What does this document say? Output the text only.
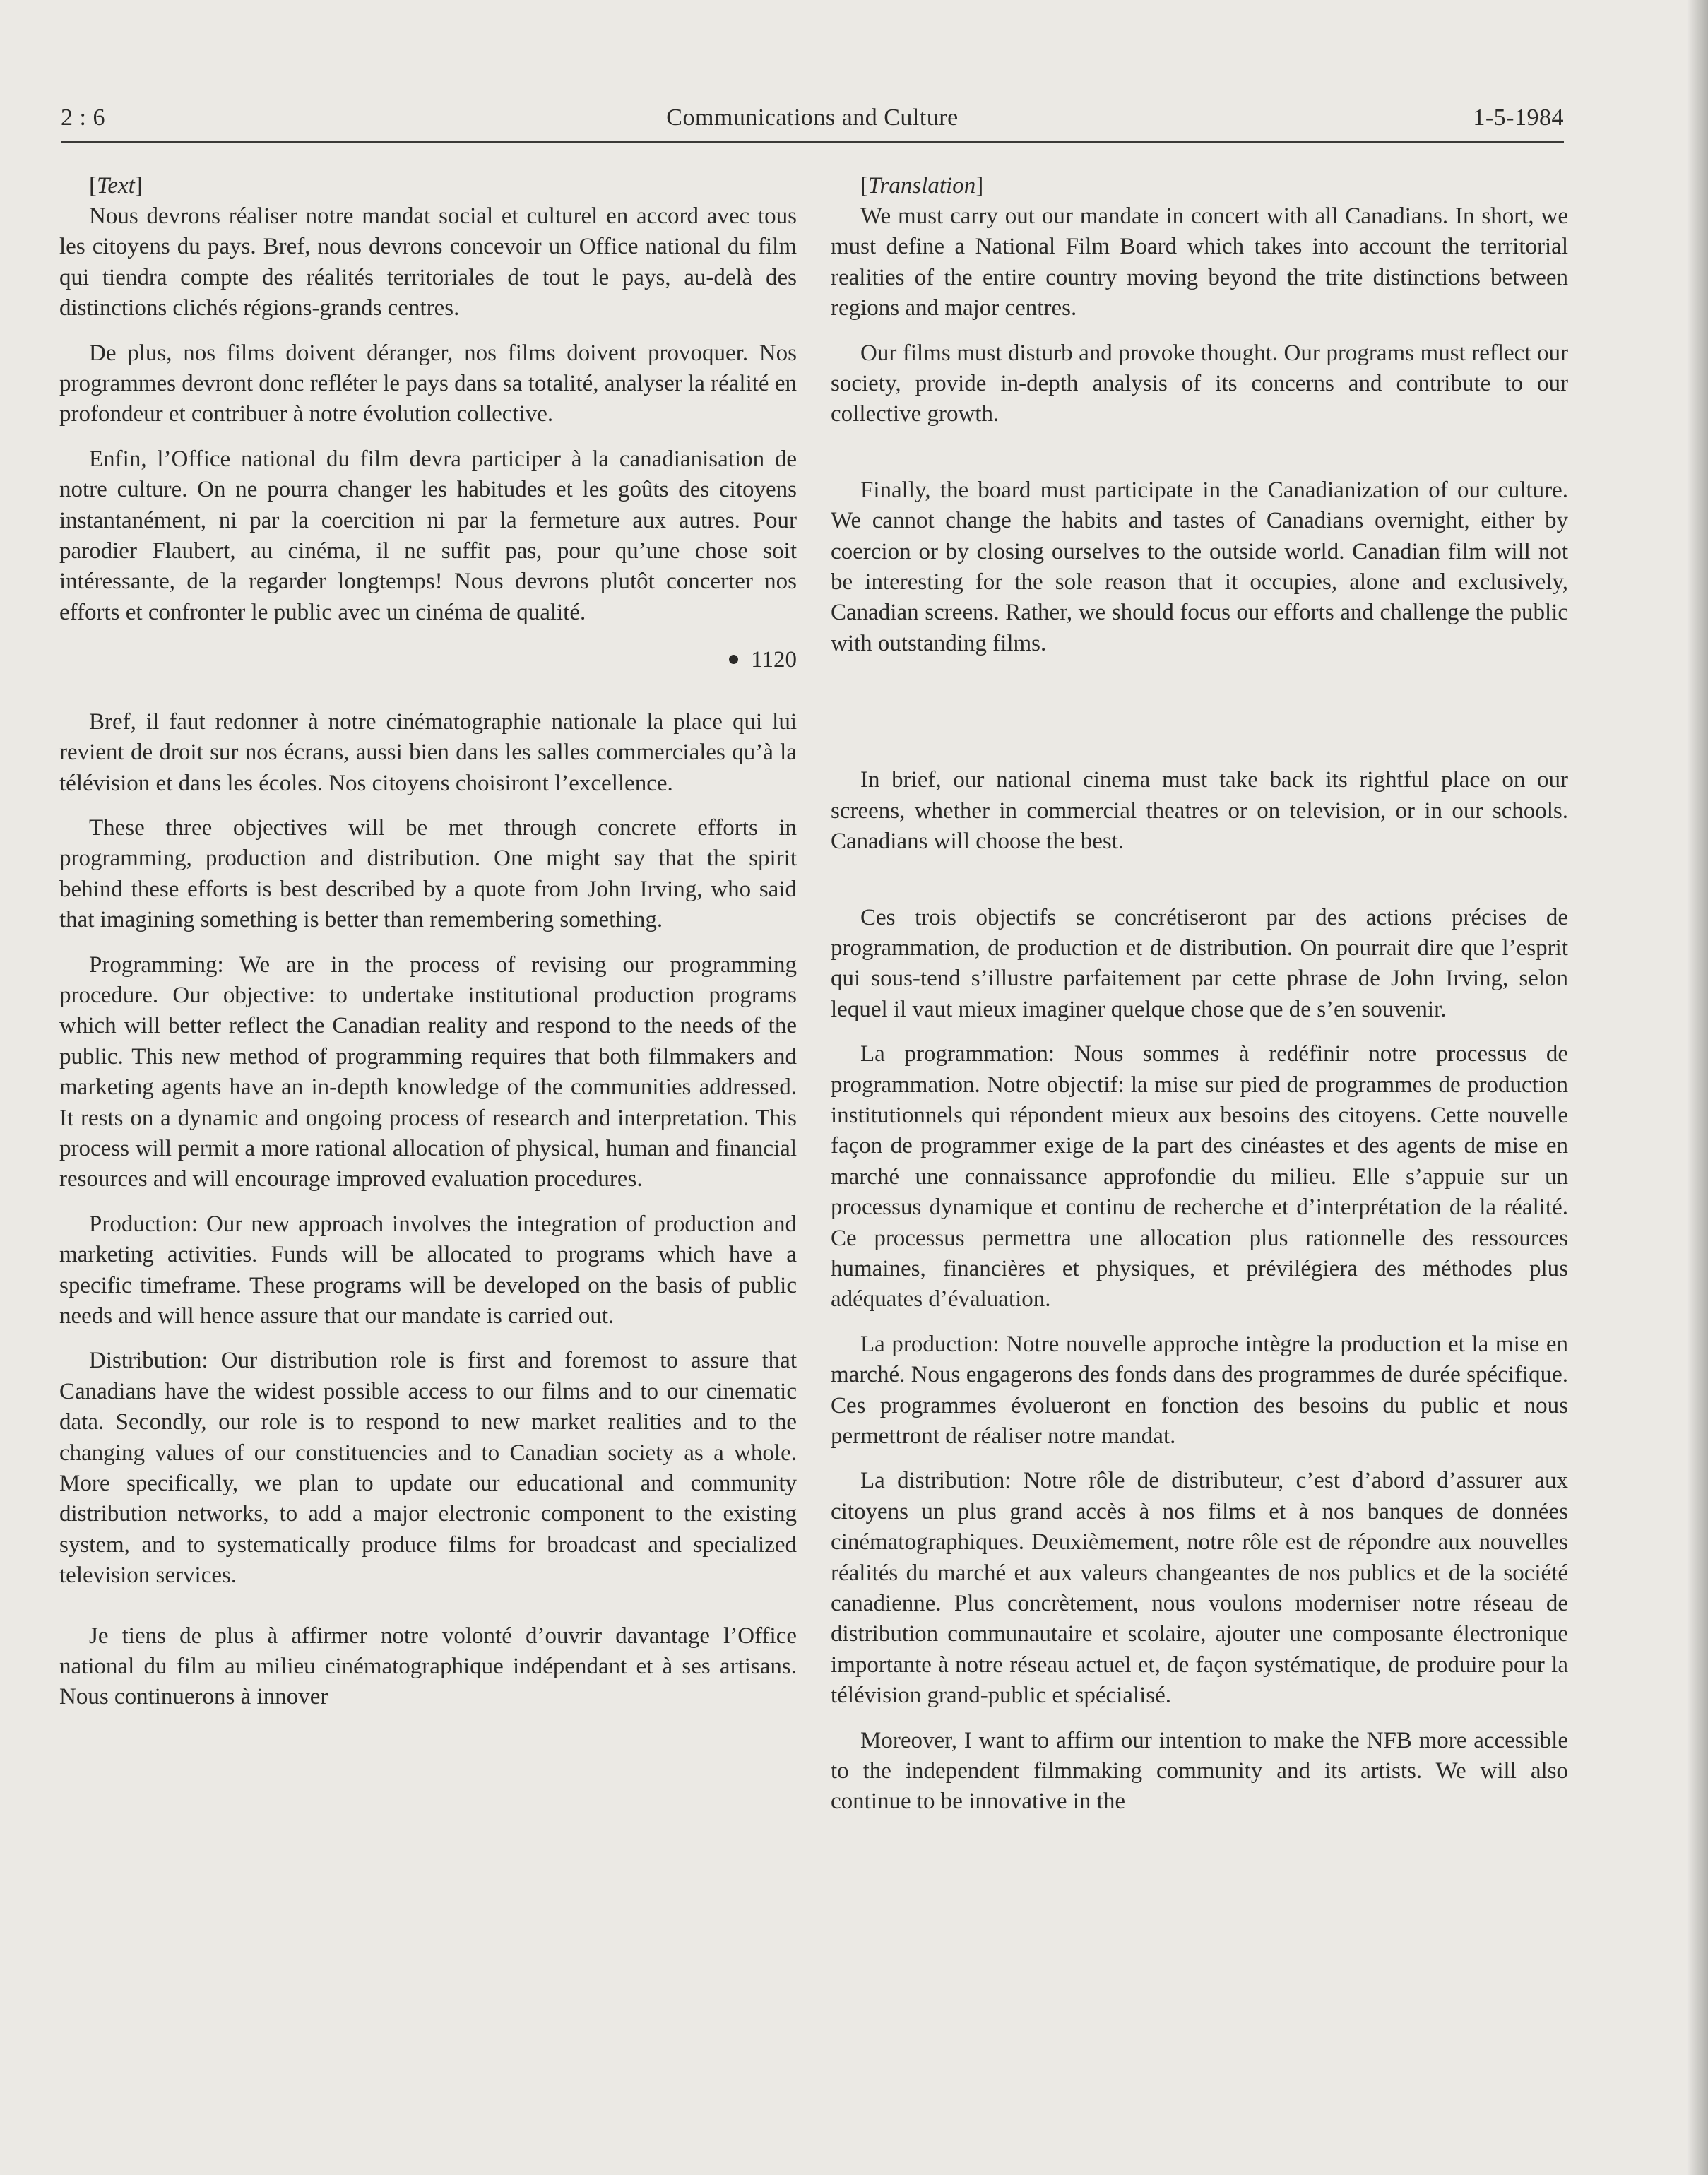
2 : 6	Communications and Culture	1-5-1984

[Text]

Nous devrons réaliser notre mandat social et culturel en accord avec tous les citoyens du pays. Bref, nous devrons concevoir un Office national du film qui tiendra compte des réalités territoriales de tout le pays, au-delà des distinctions clichés régions-grands centres.

De plus, nos films doivent déranger, nos films doivent provoquer. Nos programmes devront donc refléter le pays dans sa totalité, analyser la réalité en profondeur et contribuer à notre évolution collective.

Enfin, l’Office national du film devra participer à la canadianisation de notre culture. On ne pourra changer les habitudes et les goûts des citoyens instantanément, ni par la coercition ni par la fermeture aux autres. Pour parodier Flaubert, au cinéma, il ne suffit pas, pour qu’une chose soit intéressante, de la regarder longtemps! Nous devrons plutôt concerter nos efforts et confronter le public avec un cinéma de qualité.

1120

Bref, il faut redonner à notre cinématographie nationale la place qui lui revient de droit sur nos écrans, aussi bien dans les salles commerciales qu’à la télévision et dans les écoles. Nos citoyens choisiront l’excellence.

These three objectives will be met through concrete efforts in programming, production and distribution. One might say that the spirit behind these efforts is best described by a quote from John Irving, who said that imagining something is better than remembering something.

Programming: We are in the process of revising our programming procedure. Our objective: to undertake institutional production programs which will better reflect the Canadian reality and respond to the needs of the public. This new method of programming requires that both filmmakers and marketing agents have an in-depth knowledge of the communities addressed. It rests on a dynamic and ongoing process of research and interpretation. This process will permit a more rational allocation of physical, human and financial resources and will encourage improved evaluation procedures.

Production: Our new approach involves the integration of production and marketing activities. Funds will be allocated to programs which have a specific timeframe. These programs will be developed on the basis of public needs and will hence assure that our mandate is carried out.

Distribution: Our distribution role is first and foremost to assure that Canadians have the widest possible access to our films and to our cinematic data. Secondly, our role is to respond to new market realities and to the changing values of our constituencies and to Canadian society as a whole. More specifically, we plan to update our educational and community distribution networks, to add a major electronic component to the existing system, and to systematically produce films for broadcast and specialized television services.

Je tiens de plus à affirmer notre volonté d’ouvrir davantage l’Office national du film au milieu cinématographique indépendant et à ses artisans. Nous continuerons à innover

[Translation]

We must carry out our mandate in concert with all Canadians. In short, we must define a National Film Board which takes into account the territorial realities of the entire country moving beyond the trite distinctions between regions and major centres.

Our films must disturb and provoke thought. Our programs must reflect our society, provide in-depth analysis of its concerns and contribute to our collective growth.

Finally, the board must participate in the Canadianization of our culture. We cannot change the habits and tastes of Canadians overnight, either by coercion or by closing ourselves to the outside world. Canadian film will not be interesting for the sole reason that it occupies, alone and exclusively, Canadian screens. Rather, we should focus our efforts and challenge the public with outstanding films.

In brief, our national cinema must take back its rightful place on our screens, whether in commercial theatres or on television, or in our schools. Canadians will choose the best.

Ces trois objectifs se concrétiseront par des actions précises de programmation, de production et de distribution. On pourrait dire que l’esprit qui sous-tend s’illustre parfaitement par cette phrase de John Irving, selon lequel il vaut mieux imaginer quelque chose que de s’en souvenir.

La programmation: Nous sommes à redéfinir notre processus de programmation. Notre objectif: la mise sur pied de programmes de production institutionnels qui répondent mieux aux besoins des citoyens. Cette nouvelle façon de programmer exige de la part des cinéastes et des agents de mise en marché une connaissance approfondie du milieu. Elle s’appuie sur un processus dynamique et continu de recherche et d’interprétation de la réalité. Ce processus permettra une allocation plus rationnelle des ressources humaines, financières et physiques, et prévilégiera des méthodes plus adéquates d’évaluation.

La production: Notre nouvelle approche intègre la production et la mise en marché. Nous engagerons des fonds dans des programmes de durée spécifique. Ces programmes évolueront en fonction des besoins du public et nous permettront de réaliser notre mandat.

La distribution: Notre rôle de distributeur, c’est d’abord d’assurer aux citoyens un plus grand accès à nos films et à nos banques de données cinématographiques. Deuxièmement, notre rôle est de répondre aux nouvelles réalités du marché et aux valeurs changeantes de nos publics et de la société canadienne. Plus concrètement, nous voulons moderniser notre réseau de distribution communautaire et scolaire, ajouter une composante électronique importante à notre réseau actuel et, de façon systématique, de produire pour la télévision grand-public et spécialisé.

Moreover, I want to affirm our intention to make the NFB more accessible to the independent filmmaking community and its artists. We will also continue to be innovative in the
